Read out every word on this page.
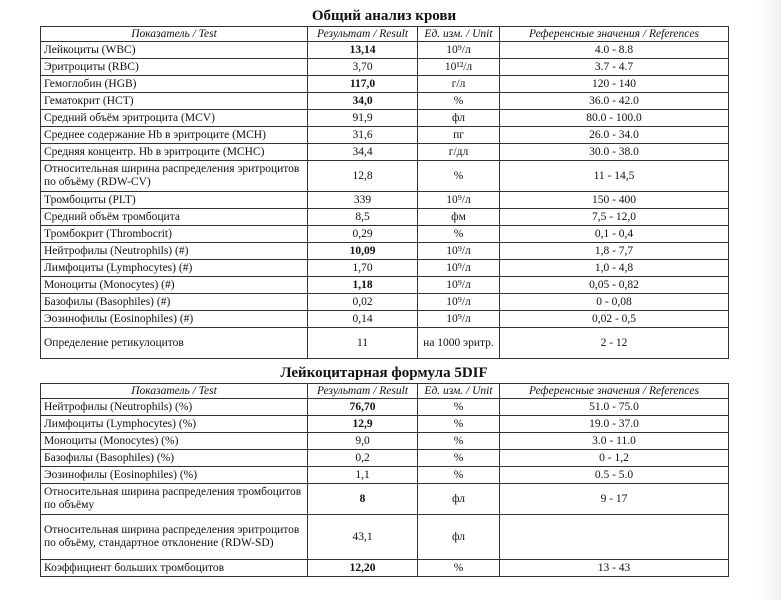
Общий анализ крови
Показатель / Test	Результат / Result	Ед. изм. / Unit	Референсные значения / References
Лейкоциты (WBC)	13,14	10⁹/л	4.0 - 8.8
Эритроциты (RBC)	3,70	10¹²/л	3.7 - 4.7
Гемоглобин (HGB)	117,0	г/л	120 - 140
Гематокрит (HCT)	34,0	%	36.0 - 42.0
Средний объём эритроцита (MCV)	91,9	фл	80.0 - 100.0
Среднее содержание Hb в эритроците (MCH)	31,6	пг	26.0 - 34.0
Средняя концентр. Hb в эритроците (MCHC)	34,4	г/дл	30.0 - 38.0
Относительная ширина распределения эритроцитов по объёму (RDW-CV)	12,8	%	11 - 14,5
Тромбоциты (PLT)	339	10⁹/л	150 - 400
Средний объём тромбоцита	8,5	фм	7,5 - 12,0
Тромбокрит (Thrombocrit)	0,29	%	0,1 - 0,4
Нейтрофилы (Neutrophils) (#)	10,09	10⁹/л	1,8 - 7,7
Лимфоциты (Lymphocytes) (#)	1,70	10⁹/л	1,0 - 4,8
Моноциты (Monocytes) (#)	1,18	10⁹/л	0,05 - 0,82
Базофилы (Basophiles) (#)	0,02	10⁹/л	0 - 0,08
Эозинофилы (Eosinophiles) (#)	0,14	10⁹/л	0,02 - 0,5
Определение ретикулоцитов	11	на 1000 эритр.	2 - 12
Лейкоцитарная формула 5DIF
Показатель / Test	Результат / Result	Ед. изм. / Unit	Референсные значения / References
Нейтрофилы (Neutrophils) (%)	76,70	%	51.0 - 75.0
Лимфоциты (Lymphocytes) (%)	12,9	%	19.0 - 37.0
Моноциты (Monocytes) (%)	9,0	%	3.0 - 11.0
Базофилы (Basophiles) (%)	0,2	%	0 - 1,2
Эозинофилы (Eosinophiles) (%)	1,1	%	0.5 - 5.0
Относительная ширина распределения тромбоцитов по объёму	8	фл	9 - 17
Относительная ширина распределения эритроцитов по объёму, стандартное отклонение (RDW-SD)	43,1	фл	
Коэффициент больших тромбоцитов	12,20	%	13 - 43
